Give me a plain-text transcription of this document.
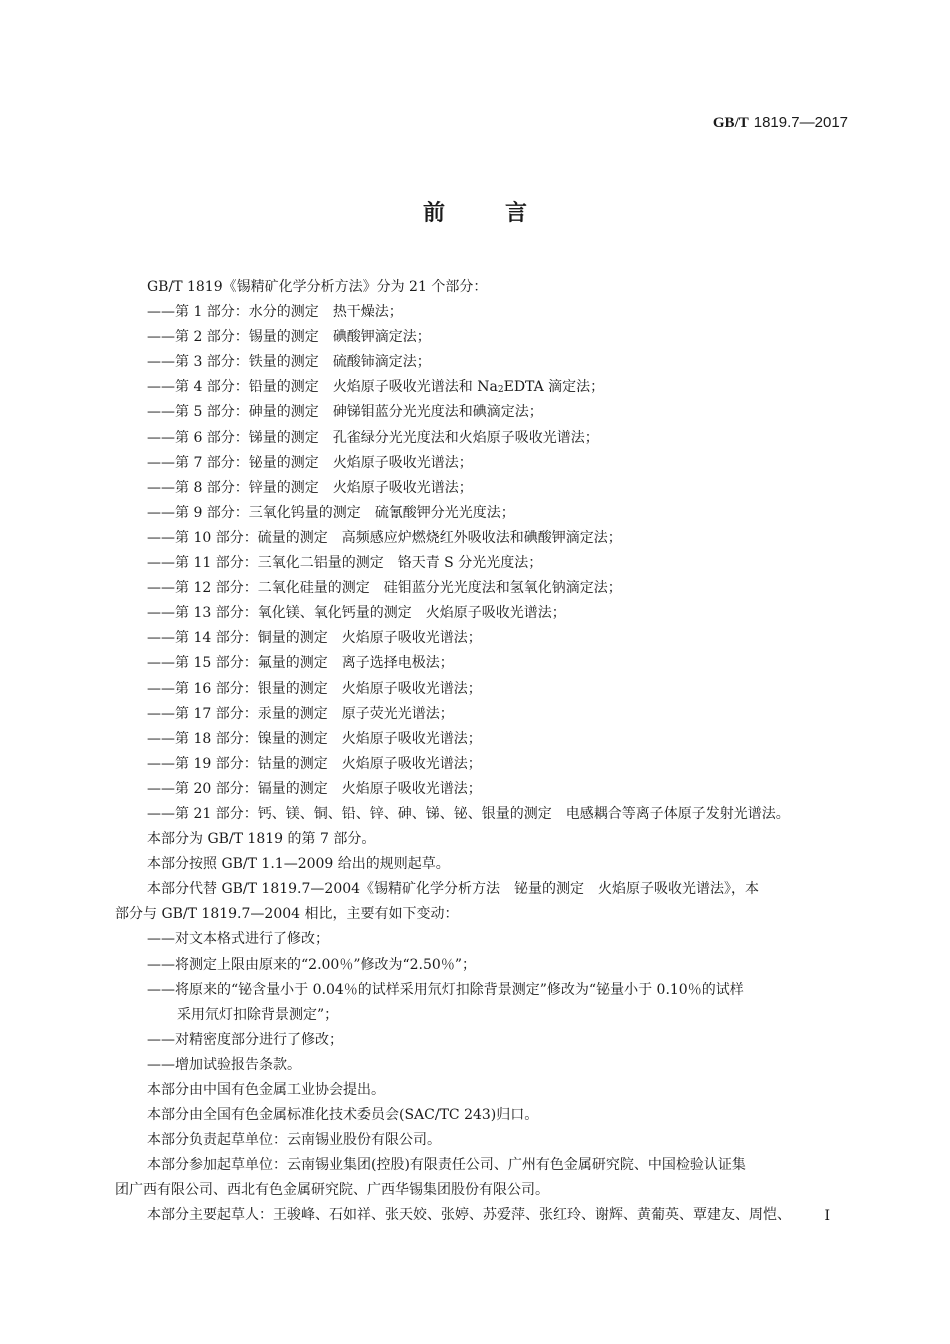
GB/T 1819.7—2017
前言
GB/T 1819《锡精矿化学分析方法》分为 21 个部分：
——第 1 部分：水分的测定 热干燥法；
——第 2 部分：锡量的测定 碘酸钾滴定法；
——第 3 部分：铁量的测定 硫酸铈滴定法；
——第 4 部分：铅量的测定 火焰原子吸收光谱法和 $Na_2EDTA$ 滴定法；
——第 5 部分：砷量的测定 砷锑钼蓝分光光度法和碘滴定法；
——第 6 部分：锑量的测定 孔雀绿分光光度法和火焰原子吸收光谱法；
——第 7 部分：铋量的测定 火焰原子吸收光谱法；
——第 8 部分：锌量的测定 火焰原子吸收光谱法；
——第 9 部分：三氧化钨量的测定 硫氰酸钾分光光度法；
——第 10 部分：硫量的测定 高频感应炉燃烧红外吸收法和碘酸钾滴定法；
——第 11 部分：三氧化二铝量的测定 铬天青 S 分光光度法；
——第 12 部分：二氧化硅量的测定 硅钼蓝分光光度法和氢氧化钠滴定法；
——第 13 部分：氧化镁、氧化钙量的测定 火焰原子吸收光谱法；
——第 14 部分：铜量的测定 火焰原子吸收光谱法；
——第 15 部分：氟量的测定 离子选择电极法；
——第 16 部分：银量的测定 火焰原子吸收光谱法；
——第 17 部分：汞量的测定 原子荧光光谱法；
——第 18 部分：镍量的测定 火焰原子吸收光谱法；
——第 19 部分：钴量的测定 火焰原子吸收光谱法；
——第 20 部分：镉量的测定 火焰原子吸收光谱法；
——第 21 部分：钙、镁、铜、铅、锌、砷、锑、铋、银量的测定 电感耦合等离子体原子发射光谱法。
本部分为 GB/T 1819 的第 7 部分。
本部分按照 GB/T 1.1—2009 给出的规则起草。
本部分代替 GB/T 1819.7—2004《锡精矿化学分析方法 铋量的测定 火焰原子吸收光谱法》，本
部分与 GB/T 1819.7—2004 相比，主要有如下变动：
——对文本格式进行了修改；
——将测定上限由原来的“2.00％”修改为“2.50％”；
——将原来的“铋含量小于 0.04％的试样采用氘灯扣除背景测定”修改为“铋量小于 0.10％的试样
采用氘灯扣除背景测定”；
——对精密度部分进行了修改；
——增加试验报告条款。
本部分由中国有色金属工业协会提出。
本部分由全国有色金属标准化技术委员会(SAC/TC 243)归口。
本部分负责起草单位：云南锡业股份有限公司。
本部分参加起草单位：云南锡业集团(控股)有限责任公司、广州有色金属研究院、中国检验认证集
团广西有限公司、西北有色金属研究院、广西华锡集团股份有限公司。
本部分主要起草人：王骏峰、石如祥、张天姣、张婷、苏爱萍、张红玲、谢辉、黄葡英、覃建友、周恺、	I
